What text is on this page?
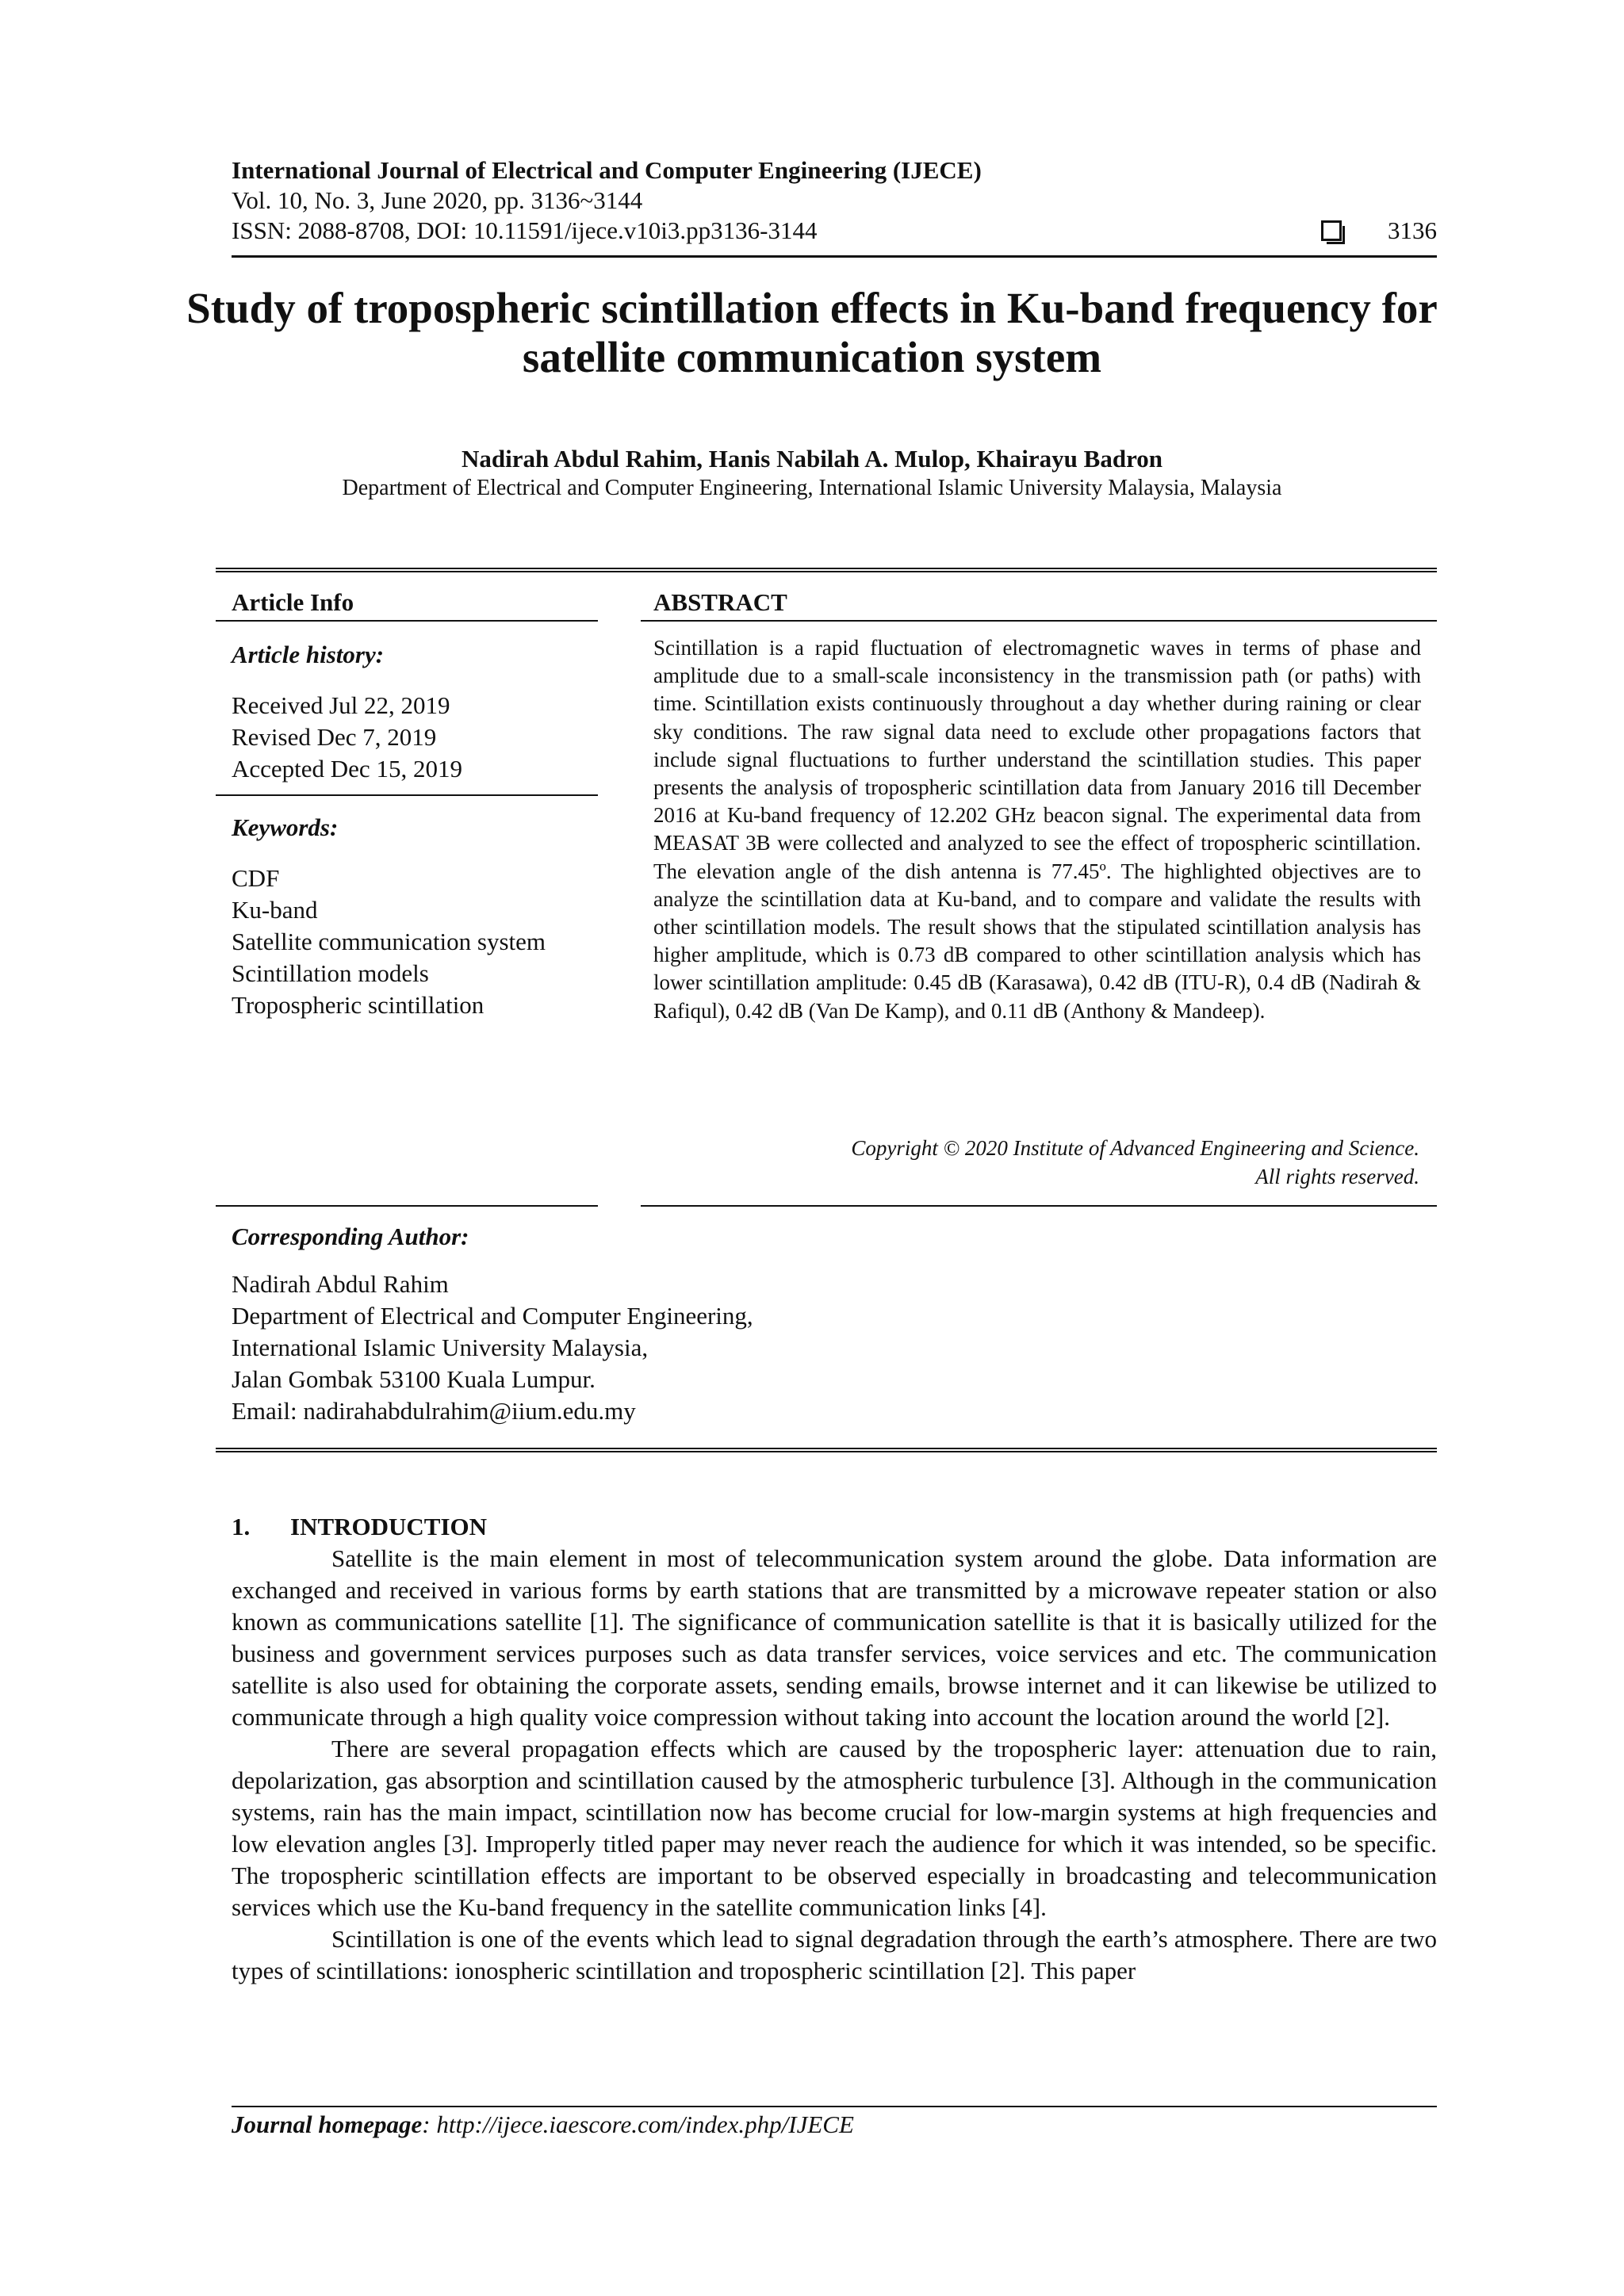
International Journal of Electrical and Computer Engineering (IJECE)
Vol. 10, No. 3, June 2020, pp. 3136~3144
ISSN: 2088-8708, DOI: 10.11591/ijece.v10i3.pp3136-3144	3136
Study of tropospheric scintillation effects in Ku-band frequency for satellite communication system
Nadirah Abdul Rahim, Hanis Nabilah A. Mulop, Khairayu Badron
Department of Electrical and Computer Engineering, International Islamic University Malaysia, Malaysia
Article Info
Article history:
Received Jul 22, 2019
Revised Dec 7, 2019
Accepted Dec 15, 2019
Keywords:
CDF
Ku-band
Satellite communication system
Scintillation models
Tropospheric scintillation
ABSTRACT
Scintillation is a rapid fluctuation of electromagnetic waves in terms of phase and amplitude due to a small-scale inconsistency in the transmission path (or paths) with time. Scintillation exists continuously throughout a day whether during raining or clear sky conditions. The raw signal data need to exclude other propagations factors that include signal fluctuations to further understand the scintillation studies. This paper presents the analysis of tropospheric scintillation data from January 2016 till December 2016 at Ku-band frequency of 12.202 GHz beacon signal. The experimental data from MEASAT 3B were collected and analyzed to see the effect of tropospheric scintillation. The elevation angle of the dish antenna is 77.45º. The highlighted objectives are to analyze the scintillation data at Ku-band, and to compare and validate the results with other scintillation models. The result shows that the stipulated scintillation analysis has higher amplitude, which is 0.73 dB compared to other scintillation analysis which has lower scintillation amplitude: 0.45 dB (Karasawa), 0.42 dB (ITU-R), 0.4 dB (Nadirah & Rafiqul), 0.42 dB (Van De Kamp), and 0.11 dB (Anthony & Mandeep).
Copyright © 2020 Institute of Advanced Engineering and Science.
All rights reserved.
Corresponding Author:
Nadirah Abdul Rahim
Department of Electrical and Computer Engineering,
International Islamic University Malaysia,
Jalan Gombak 53100 Kuala Lumpur.
Email: nadirahabdulrahim@iium.edu.my
1. INTRODUCTION

Satellite is the main element in most of telecommunication system around the globe. Data information are exchanged and received in various forms by earth stations that are transmitted by a microwave repeater station or also known as communications satellite [1]. The significance of communication satellite is that it is basically utilized for the business and government services purposes such as data transfer services, voice services and etc. The communication satellite is also used for obtaining the corporate assets, sending emails, browse internet and it can likewise be utilized to communicate through a high quality voice compression without taking into account the location around the world [2].

There are several propagation effects which are caused by the tropospheric layer: attenuation due to rain, depolarization, gas absorption and scintillation caused by the atmospheric turbulence [3]. Although in the communication systems, rain has the main impact, scintillation now has become crucial for low-margin systems at high frequencies and low elevation angles [3]. Improperly titled paper may never reach the audience for which it was intended, so be specific. The tropospheric scintillation effects are important to be observed especially in broadcasting and telecommunication services which use the Ku-band frequency in the satellite communication links [4].

Scintillation is one of the events which lead to signal degradation through the earth’s atmosphere. There are two types of scintillations: ionospheric scintillation and tropospheric scintillation [2]. This paper

Journal homepage: http://ijece.iaescore.com/index.php/IJECE
